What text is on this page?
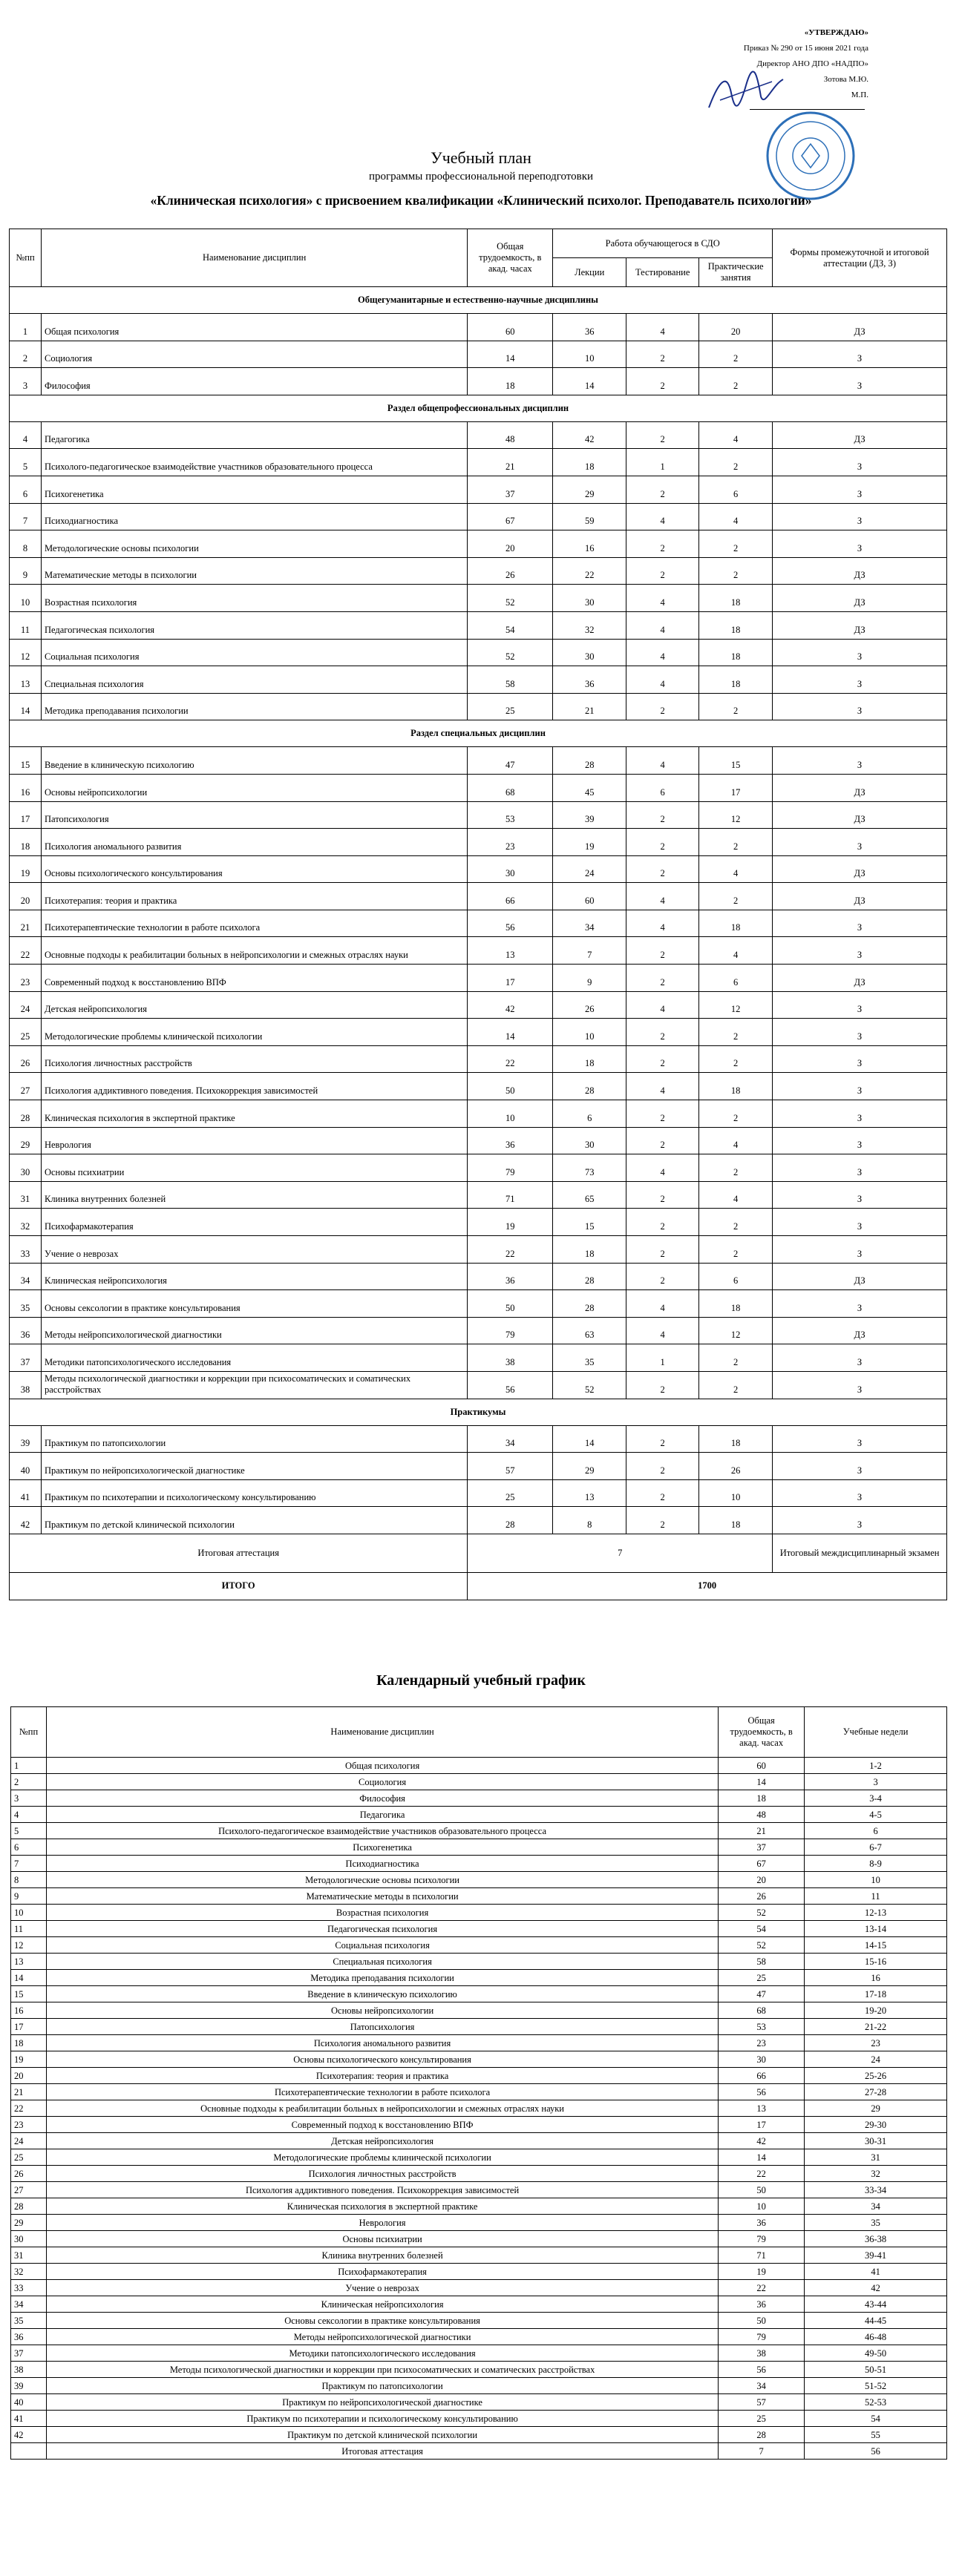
«УТВЕРЖДАЮ»
Приказ № 290 от 15 июня 2021 года
Директор АНО ДПО «НАДПО»
Зотова М.Ю.
М.П.
Учебный план
программы профессиональной переподготовки
«Клиническая психология» с присвоением квалификации «Клинический психолог. Преподаватель психологии»
№пп	Наименование дисциплин	Общая трудоемкость, в акад. часах	Работа обучающегося в СДО			Формы промежуточной и итоговой аттестации (ДЗ, З)
			Лекции	Тестирование	Практические занятия	
Общегуманитарные и естественно-научные дисциплины						
1	Общая психология	60	36	4	20	ДЗ
2	Социология	14	10	2	2	З
3	Философия	18	14	2	2	З
Раздел общепрофессиональных дисциплин						
4	Педагогика	48	42	2	4	ДЗ
5	Психолого-педагогическое взаимодействие участников образовательного процесса	21	18	1	2	З
6	Психогенетика	37	29	2	6	З
7	Психодиагностика	67	59	4	4	З
8	Методологические основы психологии	20	16	2	2	З
9	Математические методы в психологии	26	22	2	2	ДЗ
10	Возрастная психология	52	30	4	18	ДЗ
11	Педагогическая психология	54	32	4	18	ДЗ
12	Социальная психология	52	30	4	18	З
13	Специальная психология	58	36	4	18	З
14	Методика преподавания психологии	25	21	2	2	З
Раздел специальных дисциплин						
15	Введение в клиническую психологию	47	28	4	15	З
16	Основы нейропсихологии	68	45	6	17	ДЗ
17	Патопсихология	53	39	2	12	ДЗ
18	Психология аномального развития	23	19	2	2	З
19	Основы психологического консультирования	30	24	2	4	ДЗ
20	Психотерапия: теория и практика	66	60	4	2	ДЗ
21	Психотерапевтические технологии в работе психолога	56	34	4	18	З
22	Основные подходы к реабилитации больных в нейропсихологии и смежных отраслях науки	13	7	2	4	З
23	Современный подход к восстановлению ВПФ	17	9	2	6	ДЗ
24	Детская нейропсихология	42	26	4	12	З
25	Методологические проблемы клинической психологии	14	10	2	2	З
26	Психология личностных расстройств	22	18	2	2	З
27	Психология аддиктивного поведения. Психокоррекция зависимостей	50	28	4	18	З
28	Клиническая психология в экспертной практике	10	6	2	2	З
29	Неврология	36	30	2	4	З
30	Основы психиатрии	79	73	4	2	З
31	Клиника внутренних болезней	71	65	2	4	З
32	Психофармакотерапия	19	15	2	2	З
33	Учение о неврозах	22	18	2	2	З
34	Клиническая нейропсихология	36	28	2	6	ДЗ
35	Основы сексологии в практике консультирования	50	28	4	18	З
36	Методы нейропсихологической диагностики	79	63	4	12	ДЗ
37	Методики патопсихологического исследования	38	35	1	2	З
38	Методы психологической диагностики и коррекции при психосоматических и соматических расстройствах	56	52	2	2	З
Практикумы						
39	Практикум по патопсихологии	34	14	2	18	З
40	Практикум по нейропсихологической диагностике	57	29	2	26	З
41	Практикум по психотерапии и психологическому консультированию	25	13	2	10	З
42	Практикум по детской клинической психологии	28	8	2	18	З
Итоговая аттестация		7				Итоговый междисциплинарный экзамен
ИТОГО		1700				
Календарный учебный график
№пп	Наименование дисциплин	Общая трудоемкость, в акад. часах	Учебные недели
1	Общая психология	60	1-2
2	Социология	14	3
3	Философия	18	3-4
4	Педагогика	48	4-5
5	Психолого-педагогическое взаимодействие участников образовательного процесса	21	6
6	Психогенетика	37	6-7
7	Психодиагностика	67	8-9
8	Методологические основы психологии	20	10
9	Математические методы в психологии	26	11
10	Возрастная психология	52	12-13
11	Педагогическая психология	54	13-14
12	Социальная психология	52	14-15
13	Специальная психология	58	15-16
14	Методика преподавания психологии	25	16
15	Введение в клиническую психологию	47	17-18
16	Основы нейропсихологии	68	19-20
17	Патопсихология	53	21-22
18	Психология аномального развития	23	23
19	Основы психологического консультирования	30	24
20	Психотерапия: теория и практика	66	25-26
21	Психотерапевтические технологии в работе психолога	56	27-28
22	Основные подходы к реабилитации больных в нейропсихологии и смежных отраслях науки	13	29
23	Современный подход к восстановлению ВПФ	17	29-30
24	Детская нейропсихология	42	30-31
25	Методологические проблемы клинической психологии	14	31
26	Психология личностных расстройств	22	32
27	Психология аддиктивного поведения. Психокоррекция зависимостей	50	33-34
28	Клиническая психология в экспертной практике	10	34
29	Неврология	36	35
30	Основы психиатрии	79	36-38
31	Клиника внутренних болезней	71	39-41
32	Психофармакотерапия	19	41
33	Учение о неврозах	22	42
34	Клиническая нейропсихология	36	43-44
35	Основы сексологии в практике консультирования	50	44-45
36	Методы нейропсихологической диагностики	79	46-48
37	Методики патопсихологического исследования	38	49-50
38	Методы психологической диагностики и коррекции при психосоматических и соматических расстройствах	56	50-51
39	Практикум по патопсихологии	34	51-52
40	Практикум по нейропсихологической диагностике	57	52-53
41	Практикум по психотерапии и психологическому консультированию	25	54
42	Практикум по детской клинической психологии	28	55
	Итоговая аттестация	7	56
